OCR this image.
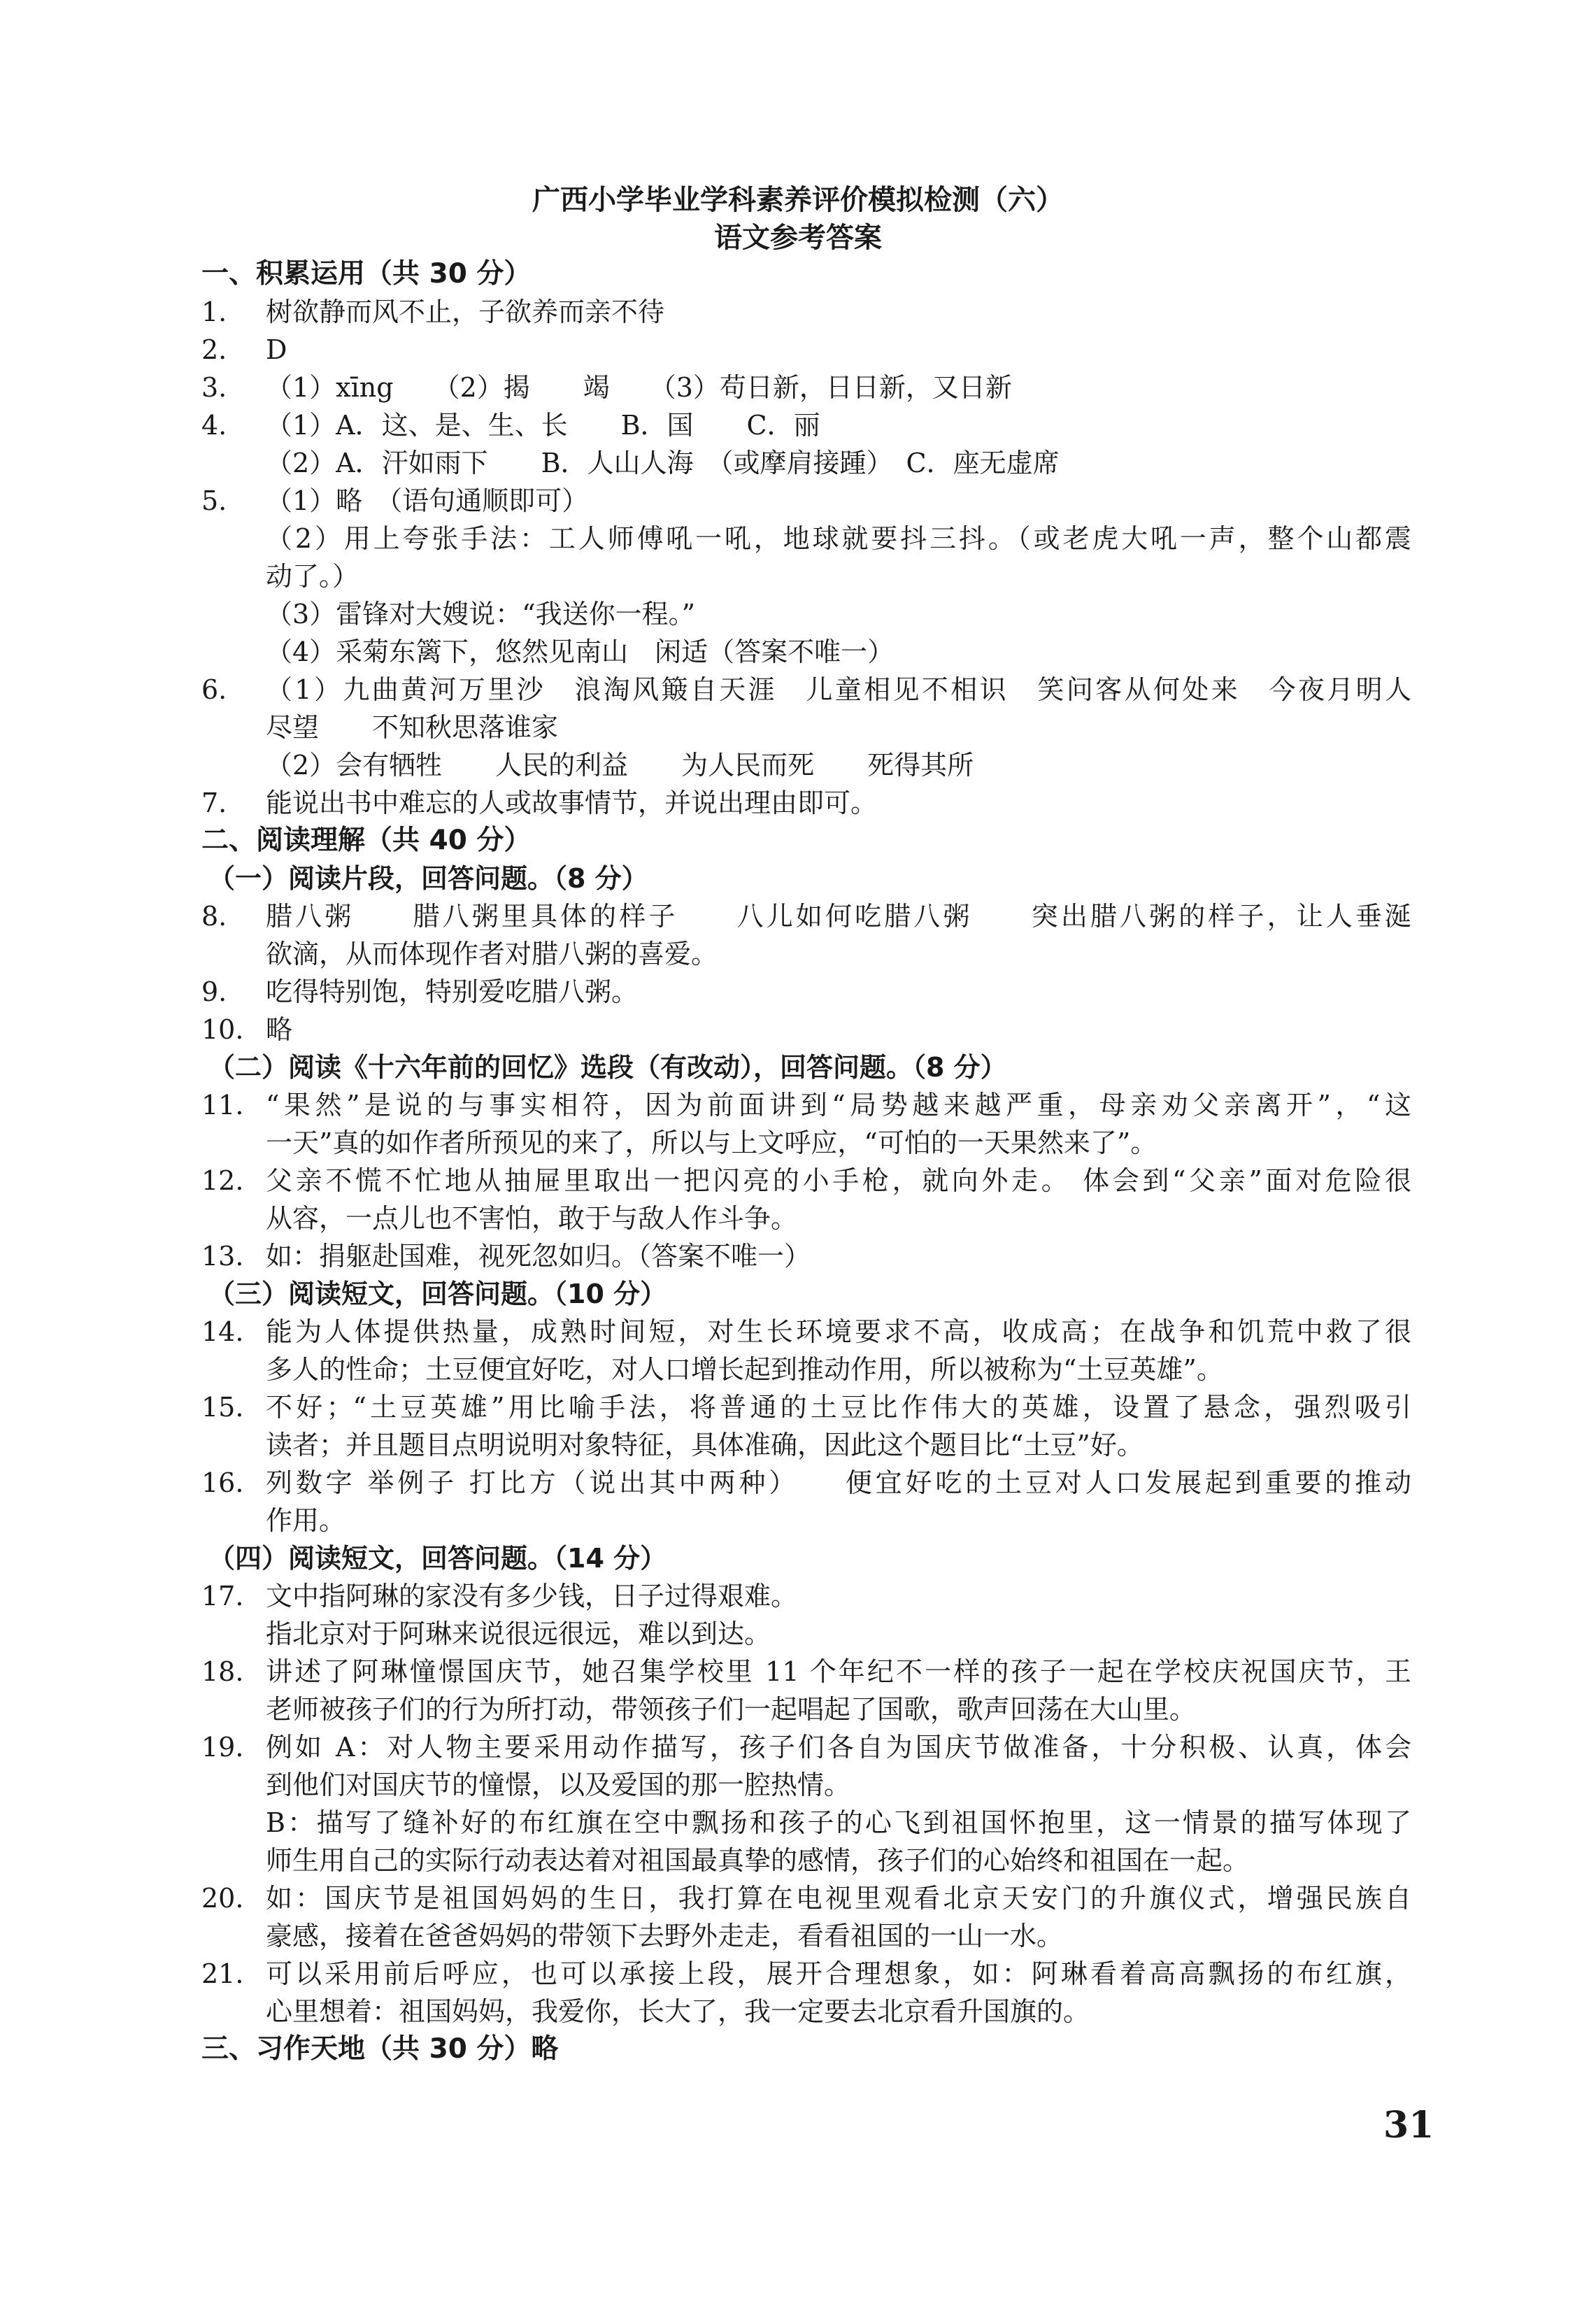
广西小学毕业学科素养评价模拟检测（六）
语文参考答案
一、积累运用（共 30 分）
1. 树欲静而风不止，子欲养而亲不待
2. D
3. （1）xīng　　（2）揭　　竭　　（3）苟日新，日日新，又日新
4. （1）A．这、是、生、长　　B．国　　C．丽
（2）A．汗如雨下　　B．人山人海　（或摩肩接踵）　C．座无虚席
5. （1）略　（语句通顺即可）
（2）用上夸张手法：工人师傅吼一吼，地球就要抖三抖。（或老虎大吼一声，整个山都震
动了。）
（3）雷锋对大嫂说：“我送你一程。”
（4）采菊东篱下，悠然见南山　闲适（答案不唯一）
6. （1）九曲黄河万里沙　浪淘风簸自天涯　儿童相见不相识　笑问客从何处来　今夜月明人
尽望　　不知秋思落谁家
（2）会有牺牲　　人民的利益　　为人民而死　　死得其所
7. 能说出书中难忘的人或故事情节，并说出理由即可。
二、阅读理解（共 40 分）
（一）阅读片段，回答问题。（8 分）
8. 腊八粥　　腊八粥里具体的样子　　八儿如何吃腊八粥　　突出腊八粥的样子，让人垂涎
欲滴，从而体现作者对腊八粥的喜爱。
9. 吃得特别饱，特别爱吃腊八粥。
10. 略
（二）阅读《十六年前的回忆》选段（有改动），回答问题。（8 分）
11. “果然”是说的与事实相符，因为前面讲到“局势越来越严重，母亲劝父亲离开”，“这
一天”真的如作者所预见的来了，所以与上文呼应，“可怕的一天果然来了”。
12. 父亲不慌不忙地从抽屉里取出一把闪亮的小手枪，就向外走。 体会到“父亲”面对危险很
从容，一点儿也不害怕，敢于与敌人作斗争。
13. 如：捐躯赴国难，视死忽如归。（答案不唯一）
（三）阅读短文，回答问题。（10 分）
14. 能为人体提供热量，成熟时间短，对生长环境要求不高，收成高；在战争和饥荒中救了很
多人的性命；土豆便宜好吃，对人口增长起到推动作用，所以被称为“土豆英雄”。
15. 不好；“土豆英雄”用比喻手法，将普通的土豆比作伟大的英雄，设置了悬念，强烈吸引
读者；并且题目点明说明对象特征，具体准确，因此这个题目比“土豆”好。
16. 列数字 举例子 打比方（说出其中两种）　　便宜好吃的土豆对人口发展起到重要的推动
作用。
（四）阅读短文，回答问题。（14 分）
17. 文中指阿琳的家没有多少钱，日子过得艰难。
指北京对于阿琳来说很远很远，难以到达。
18. 讲述了阿琳憧憬国庆节，她召集学校里 11 个年纪不一样的孩子一起在学校庆祝国庆节，王
老师被孩子们的行为所打动，带领孩子们一起唱起了国歌，歌声回荡在大山里。
19. 例如 A：对人物主要采用动作描写，孩子们各自为国庆节做准备，十分积极、认真，体会
到他们对国庆节的憧憬，以及爱国的那一腔热情。
B：描写了缝补好的布红旗在空中飘扬和孩子的心飞到祖国怀抱里，这一情景的描写体现了
师生用自己的实际行动表达着对祖国最真挚的感情，孩子们的心始终和祖国在一起。
20. 如：国庆节是祖国妈妈的生日，我打算在电视里观看北京天安门的升旗仪式，增强民族自
豪感，接着在爸爸妈妈的带领下去野外走走，看看祖国的一山一水。
21. 可以采用前后呼应，也可以承接上段，展开合理想象，如：阿琳看着高高飘扬的布红旗，
心里想着：祖国妈妈，我爱你，长大了，我一定要去北京看升国旗的。
三、习作天地（共 30 分）略
31
